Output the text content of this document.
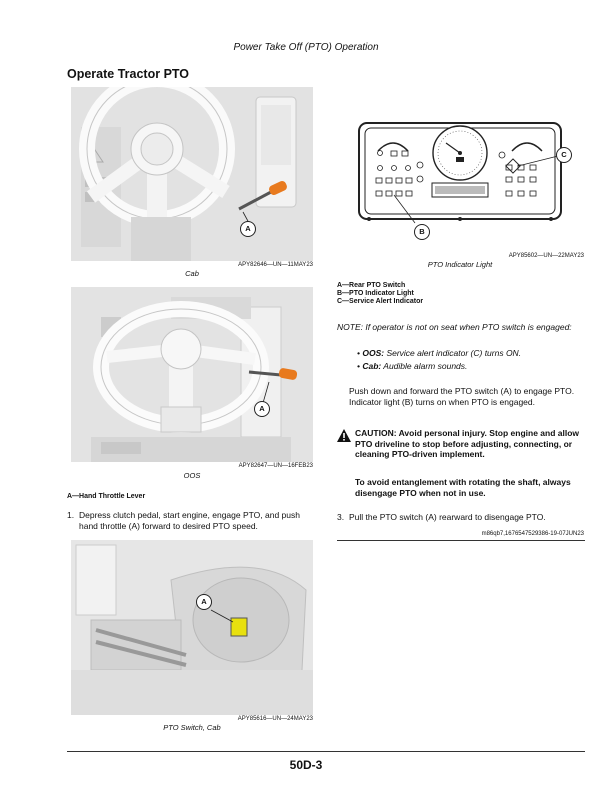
Power Take Off (PTO) Operation
Operate Tractor PTO
A
APY82646—UN—11MAY23
Cab
A
APY82647—UN—16FEB23
OOS
A—Hand Throttle Lever
1. Depress clutch pedal, start engine, engage PTO, and push hand throttle (A) forward to desired PTO speed.
A
APY85616—UN—24MAY23
PTO Switch, Cab
B
C
APY85602—UN—22MAY23
PTO Indicator Light
A—Rear PTO Switch
B—PTO Indicator Light
C—Service Alert Indicator
NOTE: If operator is not on seat when PTO switch is engaged:
• OOS: Service alert indicator (C) turns ON.
• Cab: Audible alarm sounds.
Push down and forward the PTO switch (A) to engage PTO. Indicator light (B) turns on when PTO is engaged.
CAUTION: Avoid personal injury. Stop engine and allow PTO driveline to stop before adjusting, connecting, or cleaning PTO-driven implement.
To avoid entanglement with rotating the shaft, always disengage PTO when not in use.
3. Pull the PTO switch (A) rearward to disengage PTO.
m86qb7,1676547529386-19-07JUN23
50D-3
